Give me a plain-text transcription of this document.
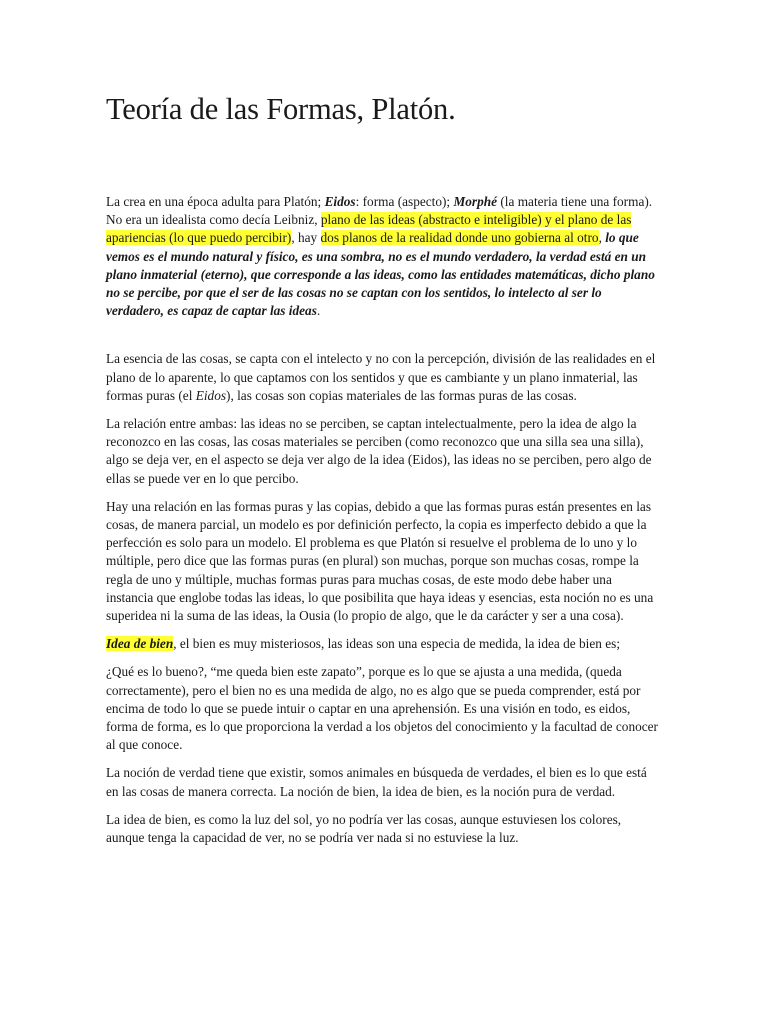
Teoría de las Formas, Platón.

La crea en una época adulta para Platón; Eidos: forma (aspecto); Morphé (la materia tiene una forma). No era un idealista como decía Leibniz, plano de las ideas (abstracto e inteligible) y el plano de las apariencias (lo que puedo percibir), hay dos planos de la realidad donde uno gobierna al otro, lo que vemos es el mundo natural y físico, es una sombra, no es el mundo verdadero, la verdad está en un plano inmaterial (eterno), que corresponde a las ideas, como las entidades matemáticas, dicho plano no se percibe, por que el ser de las cosas no se captan con los sentidos, lo intelecto al ser lo verdadero, es capaz de captar las ideas.

La esencia de las cosas, se capta con el intelecto y no con la percepción, división de las realidades en el plano de lo aparente, lo que captamos con los sentidos y que es cambiante y un plano inmaterial, las formas puras (el Eidos), las cosas son copias materiales de las formas puras de las cosas.

La relación entre ambas: las ideas no se perciben, se captan intelectualmente, pero la idea de algo la reconozco en las cosas, las cosas materiales se perciben (como reconozco que una silla sea una silla), algo se deja ver, en el aspecto se deja ver algo de la idea (Eidos), las ideas no se perciben, pero algo de ellas se puede ver en lo que percibo.

Hay una relación en las formas puras y las copias, debido a que las formas puras están presentes en las cosas, de manera parcial, un modelo es por definición perfecto, la copia es imperfecto debido a que la perfección es solo para un modelo. El problema es que Platón si resuelve el problema de lo uno y lo múltiple, pero dice que las formas puras (en plural) son muchas, porque son muchas cosas, rompe la regla de uno y múltiple, muchas formas puras para muchas cosas, de este modo debe haber una instancia que englobe todas las ideas, lo que posibilita que haya ideas y esencias, esta noción no es una superidea ni la suma de las ideas, la Ousia (lo propio de algo, que le da carácter y ser a una cosa).

Idea de bien, el bien es muy misteriosos, las ideas son una especia de medida, la idea de bien es;

¿Qué es lo bueno?, “me queda bien este zapato”, porque es lo que se ajusta a una medida, (queda correctamente), pero el bien no es una medida de algo, no es algo que se pueda comprender, está por encima de todo lo que se puede intuir o captar en una aprehensión. Es una visión en todo, es eidos, forma de forma, es lo que proporciona la verdad a los objetos del conocimiento y la facultad de conocer al que conoce.

La noción de verdad tiene que existir, somos animales en búsqueda de verdades, el bien es lo que está en las cosas de manera correcta. La noción de bien, la idea de bien, es la noción pura de verdad.

La idea de bien, es como la luz del sol, yo no podría ver las cosas, aunque estuviesen los colores, aunque tenga la capacidad de ver, no se podría ver nada si no estuviese la luz.
